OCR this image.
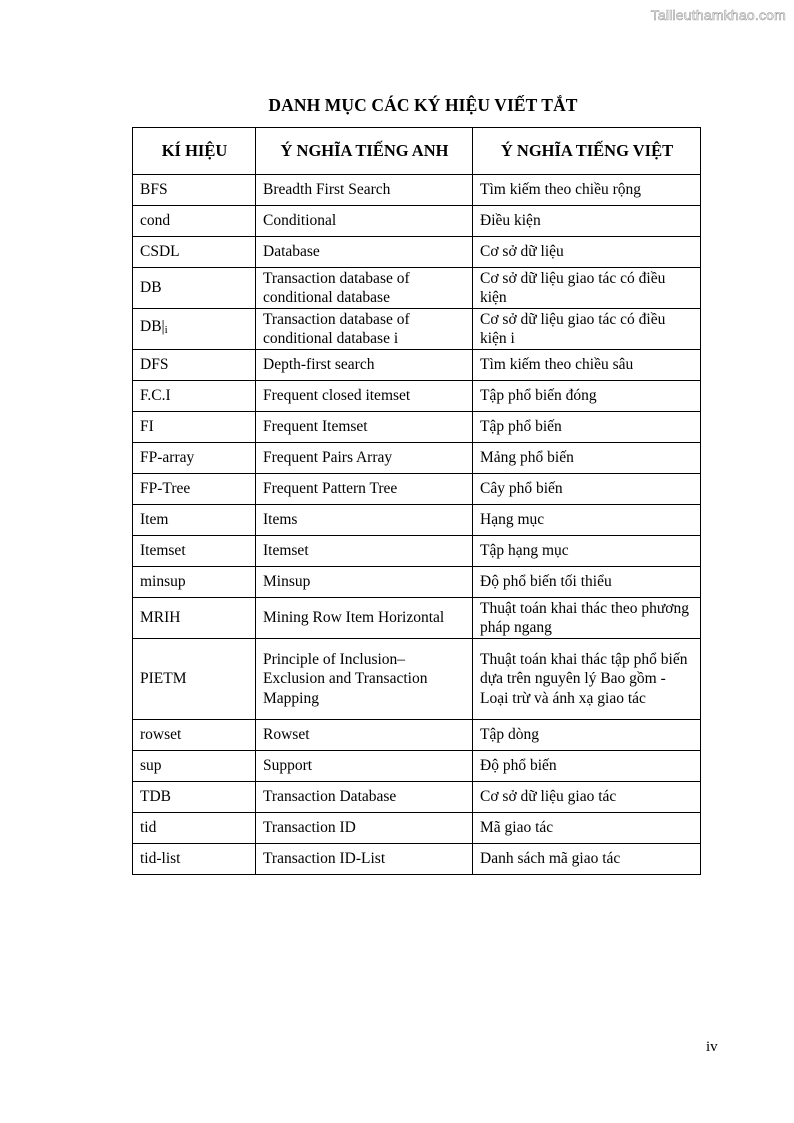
Tailieuthamkhao.com
DANH MỤC CÁC KÝ HIỆU VIẾT TẮT
KÍ HIỆU	Ý NGHĨA TIẾNG ANH	Ý NGHĨA TIẾNG VIỆT
BFS	Breadth First Search	Tìm kiếm theo chiều rộng
cond	Conditional	Điều kiện
CSDL	Database	Cơ sở dữ liệu
DB	Transaction database of conditional database	Cơ sở dữ liệu giao tác có điều kiện
DB|i	Transaction database of conditional database i	Cơ sở dữ liệu giao tác có điều kiện i
DFS	Depth-first search	Tìm kiếm theo chiều sâu
F.C.I	Frequent closed itemset	Tập phổ biến đóng
FI	Frequent Itemset	Tập phổ biến
FP-array	Frequent Pairs Array	Mảng phổ biến
FP-Tree	Frequent Pattern Tree	Cây phổ biến
Item	Items	Hạng mục
Itemset	Itemset	Tập hạng mục
minsup	Minsup	Độ phổ biến tối thiểu
MRIH	Mining Row Item Horizontal	Thuật toán khai thác theo phương pháp ngang
PIETM	Principle of Inclusion– Exclusion and Transaction Mapping	Thuật toán khai thác tập phổ biến dựa trên nguyên lý Bao gồm - Loại trừ và ánh xạ giao tác
rowset	Rowset	Tập dòng
sup	Support	Độ phổ biến
TDB	Transaction Database	Cơ sở dữ liệu giao tác
tid	Transaction ID	Mã giao tác
tid-list	Transaction ID-List	Danh sách mã giao tác
iv
